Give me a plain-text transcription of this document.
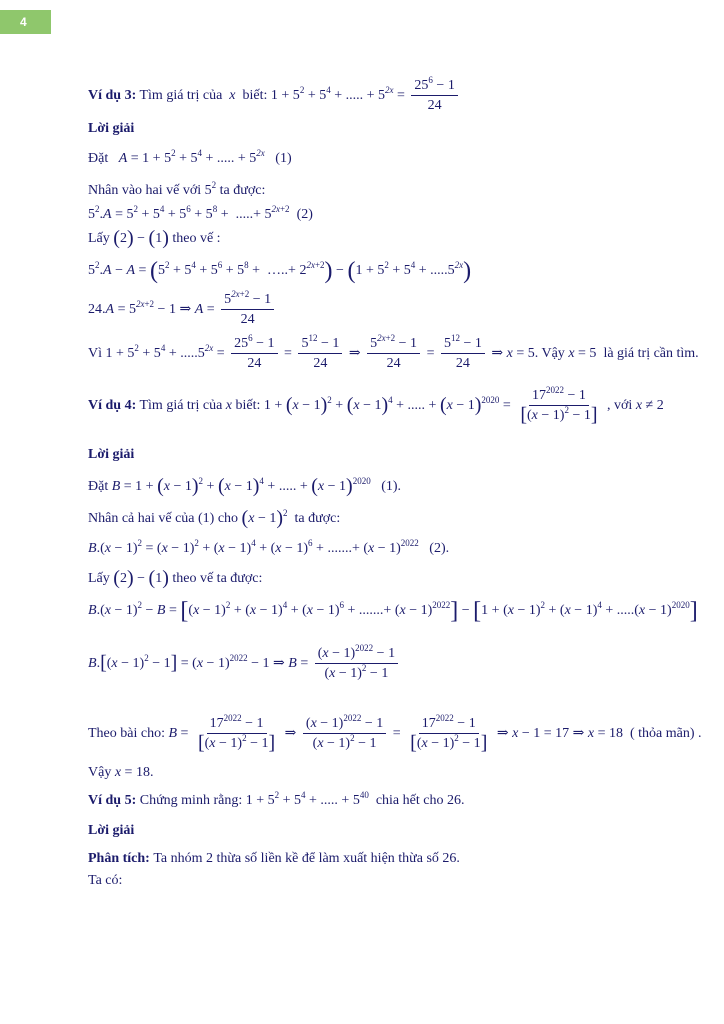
4
Ví dụ 3: Tìm giá trị của  x  biết: $1 + 5^2 + 5^4$ + ..... + $5^{2x} = \frac{25^6 - 1}{24}$
Lời giải
Đặt $A = 1 + 5^2 + 5^4$ + ..... + $5^{2x}$ (1)
Nhân vào hai vế với $5^2$ ta được:
$5^2.A = 5^2 + 5^4 + 5^6 + 5^8$ +  .....+ $5^{2x+2}$ (2)
Lấy (2) − (1) theo vế :
$5^2.A - A = (5^2 + 5^4 + 5^6 + 5^8$ +  …..+ $2^{2x+2}) - (1 + 5^2 + 5^4 + .....5^{2x})$
$24.A = 5^{2x+2} - 1$ ⇒ $A = \frac{5^{2x+2} - 1}{24}$
Vì $1 + 5^2 + 5^4 + .....5^{2x} = \frac{25^6 - 1}{24} = \frac{5^{12} - 1}{24}$ ⇒ $\frac{5^{2x+2} - 1}{24} = \frac{5^{12} - 1}{24}$ ⇒ x = 5. Vậy x = 5  là giá trị cần tìm.
Ví dụ 4: Tìm giá trị của x biết: $1 + (x - 1)^2 + (x - 1)^4$ + ..... + $(x - 1)^{2020} = \frac{17^{2022} - 1}{[(x - 1)^2 - 1]}$ , với x ≠ 2
Lời giải
Đặt $B = 1 + (x - 1)^2 + (x - 1)^4$ + ..... + $(x - 1)^{2020}$ (1).
Nhân cả hai vế của (1) cho $(x - 1)^2$ ta được:
$B.(x - 1)^2 = (x - 1)^2 + (x - 1)^4 + (x - 1)^6$ + .......+ $(x - 1)^{2022}$ (2).
Lấy (2) − (1) theo vế ta được:
$B.(x - 1)^2 - B = [(x - 1)^2 + (x - 1)^4 + (x - 1)^6$ + .......+ $(x - 1)^{2022}] - [1 + (x - 1)^2 + (x - 1)^4 + .....(x - 1)^{2020}]$
$B.[(x - 1)^2 - 1] = (x - 1)^{2022} - 1$ ⇒ $B = \frac{(x - 1)^{2022} - 1}{(x - 1)^2 - 1}$
Theo bài cho: $B = \frac{17^{2022} - 1}{[(x - 1)^2 - 1]}$ ⇒ $\frac{(x - 1)^{2022} - 1}{(x - 1)^2 - 1} = \frac{17^{2022} - 1}{[(x - 1)^2 - 1]}$ ⇒ x − 1 = 17 ⇒ x = 18  ( thỏa mãn) .
Vậy x = 18.
Ví dụ 5: Chứng minh rằng: $1 + 5^2 + 5^4$ + ..... + $5^{40}$ chia hết cho 26.
Lời giải
Phân tích: Ta nhóm 2 thừa số liền kề để làm xuất hiện thừa số 26.
Ta có:
